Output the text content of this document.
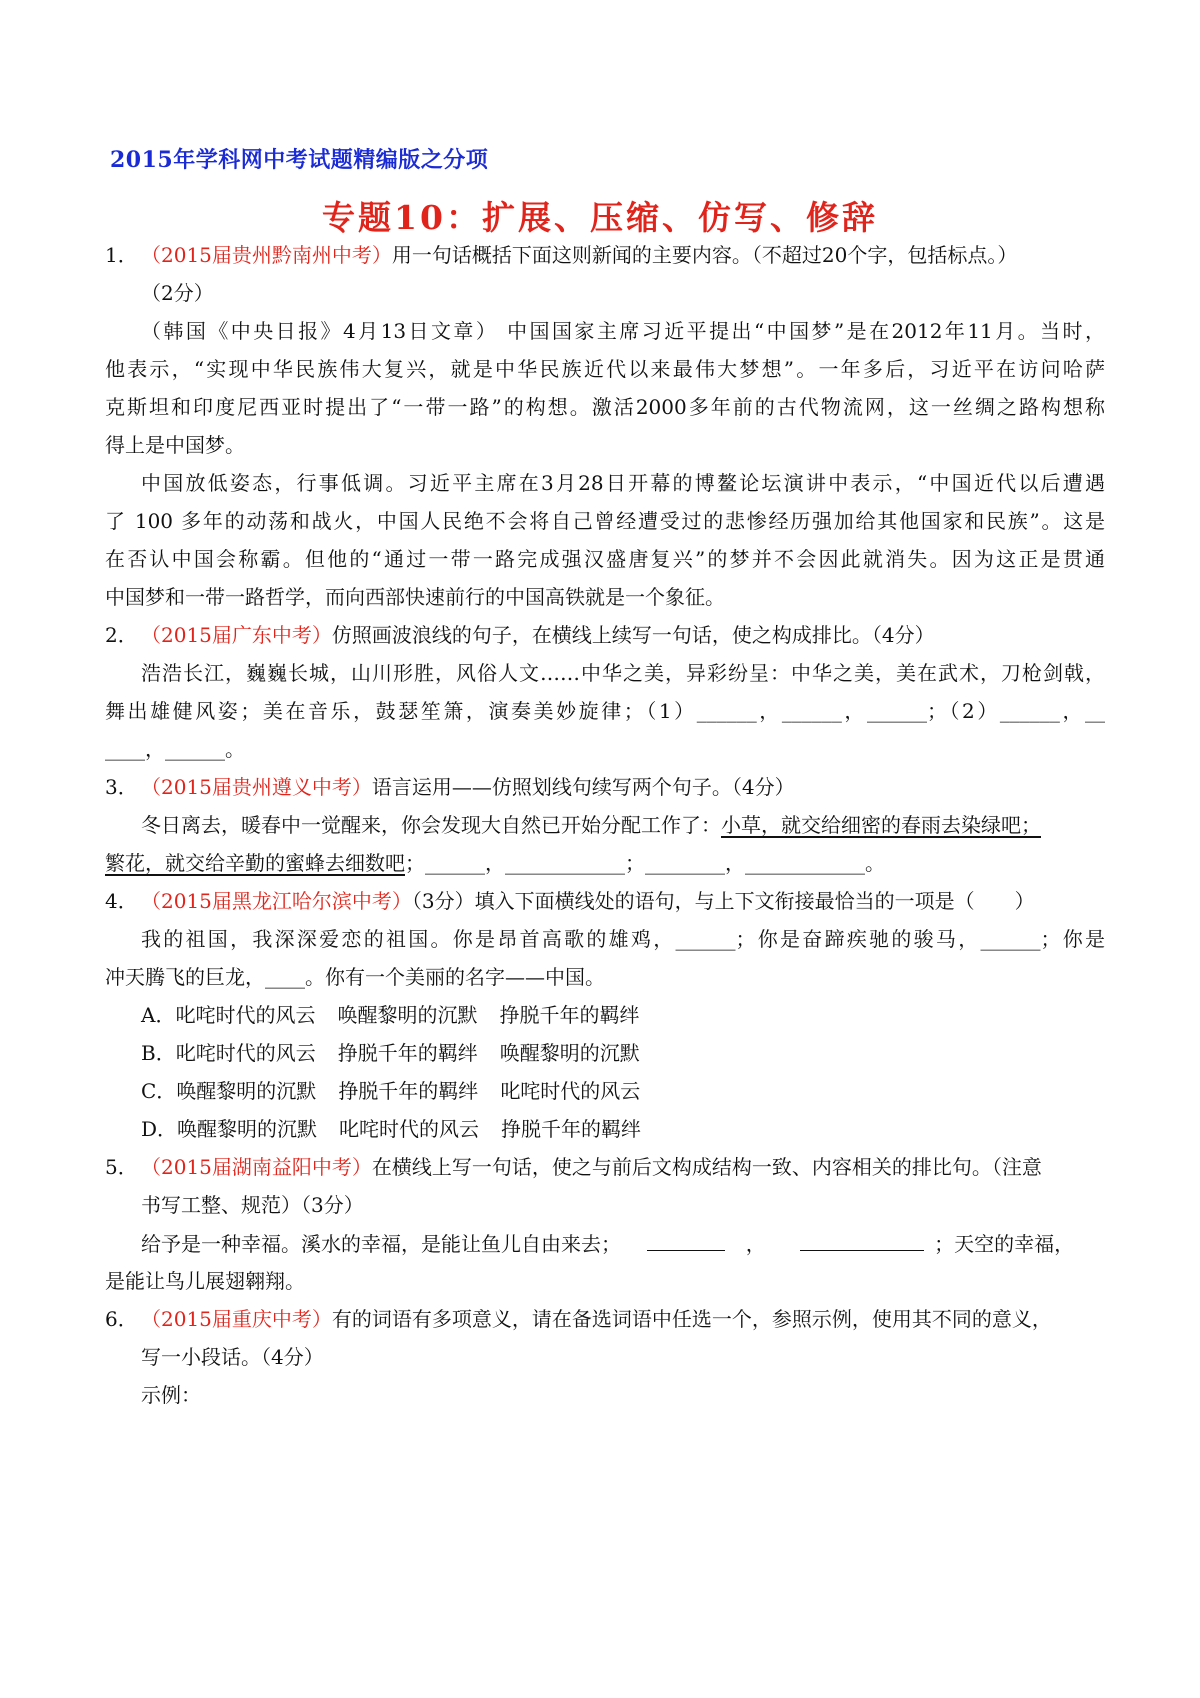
2015年学科网中考试题精编版之分项
专题10：扩展、压缩、仿写、修辞
1． （2015届贵州黔南州中考）用一句话概括下面这则新闻的主要内容。（不超过20个字，包括标点。）
（2分）
（韩国《中央日报》4月13日文章） 中国国家主席习近平提出“中国梦”是在2012年11月。当时，
他表示，“实现中华民族伟大复兴，就是中华民族近代以来最伟大梦想”。一年多后，习近平在访问哈萨
克斯坦和印度尼西亚时提出了“一带一路”的构想。激活2000多年前的古代物流网，这一丝绸之路构想称
得上是中国梦。
中国放低姿态，行事低调。习近平主席在3月28日开幕的博鳌论坛演讲中表示，“中国近代以后遭遇
了 100 多年的动荡和战火，中国人民绝不会将自己曾经遭受过的悲惨经历强加给其他国家和民族”。这是
在否认中国会称霸。但他的“通过一带一路完成强汉盛唐复兴”的梦并不会因此就消失。因为这正是贯通
中国梦和一带一路哲学，而向西部快速前行的中国高铁就是一个象征。
2． （2015届广东中考）仿照画波浪线的句子，在横线上续写一句话，使之构成排比。（4分）
浩浩长江，巍巍长城，山川形胜，风俗人文……中华之美，异彩纷呈：中华之美，美在武术，刀枪剑戟，
舞出雄健风姿；美在音乐，鼓瑟笙箫，演奏美妙旋律；（1）______，______，______；（2）______，__
____，______。
3． （2015届贵州遵义中考）语言运用——仿照划线句续写两个句子。（4分）
冬日离去，暖春中一觉醒来，你会发现大自然已开始分配工作了：小草，就交给细密的春雨去染绿吧；
繁花，就交给辛勤的蜜蜂去细数吧；______，____________；________，____________。
4． （2015届黑龙江哈尔滨中考）（3分）填入下面横线处的语句，与上下文衔接最恰当的一项是（　　）
我的祖国，我深深爱恋的祖国。你是昂首高歌的雄鸡，______；你是奋蹄疾驰的骏马，______；你是
冲天腾飞的巨龙，____。你有一个美丽的名字——中国。
A．叱咤时代的风云 唤醒黎明的沉默 挣脱千年的羁绊
B．叱咤时代的风云 挣脱千年的羁绊 唤醒黎明的沉默
C．唤醒黎明的沉默 挣脱千年的羁绊 叱咤时代的风云
D．唤醒黎明的沉默 叱咤时代的风云 挣脱千年的羁绊
5． （2015届湖南益阳中考）在横线上写一句话，使之与前后文构成结构一致、内容相关的排比句。（注意
书写工整、规范）（3分）
给予是一种幸福。溪水的幸福，是能让鱼儿自由来去；	，	；天空的幸福，
是能让鸟儿展翅翱翔。
6． （2015届重庆中考）有的词语有多项意义，请在备选词语中任选一个，参照示例，使用其不同的意义，
写一小段话。（4分）
示例：
